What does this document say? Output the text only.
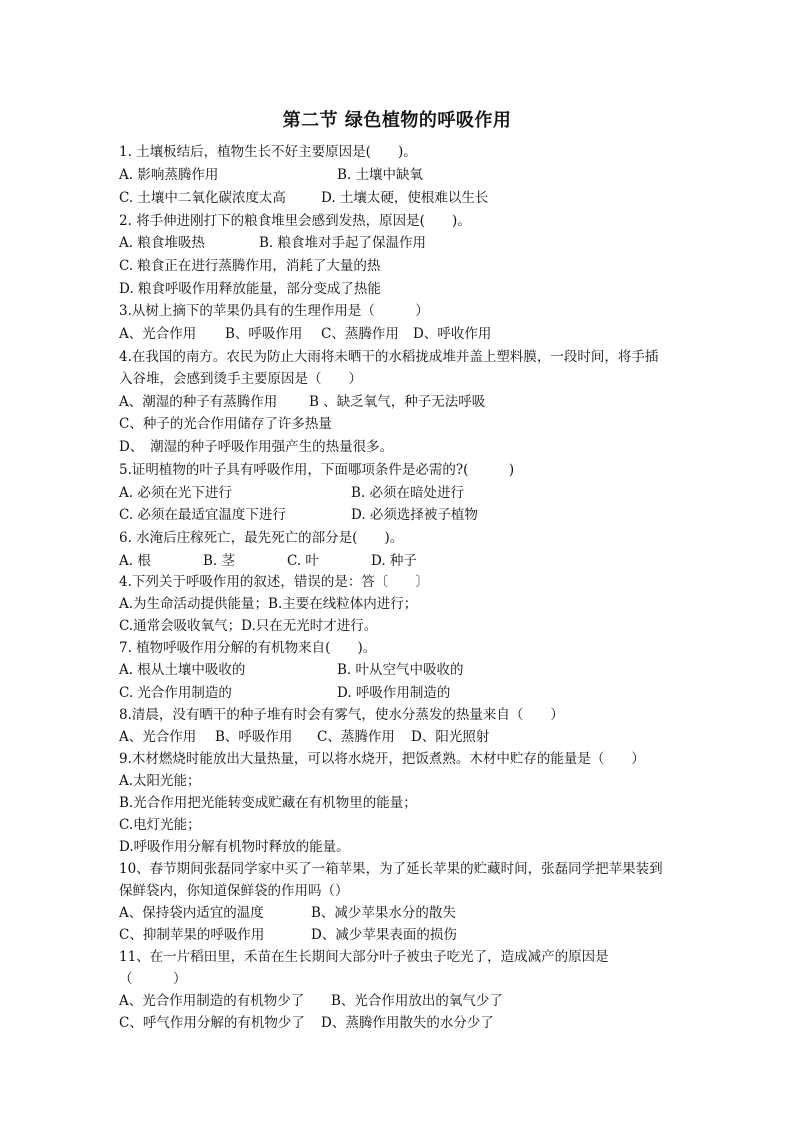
第二节 绿色植物的呼吸作用
1. 土壤板结后，植物生长不好主要原因是(　　)。
A. 影响蒸腾作用	B. 土壤中缺氧
C. 土壤中二氧化碳浓度太高	D. 土壤太硬，使根难以生长
2. 将手伸进刚打下的粮食堆里会感到发热，原因是(　　)。
A. 粮食堆吸热	B. 粮食堆对手起了保温作用
C. 粮食正在进行蒸腾作用，消耗了大量的热
D. 粮食呼吸作用释放能量，部分变成了热能
3.从树上摘下的苹果仍具有的生理作用是（　　　）
A、光合作用 B、呼吸作用 C、蒸腾作用 D、呼收作用
4.在我国的南方。农民为防止大雨将未晒干的水稻拢成堆并盖上塑料膜，一段时间，将手插
入谷堆，会感到烫手主要原因是（　　）
A、潮湿的种子有蒸腾作用 B 、缺乏氧气，种子无法呼吸
C、种子的光合作用储存了许多热量
D、　潮湿的种子呼吸作用强产生的热量很多。
5.证明植物的叶子具有呼吸作用，下面哪项条件是必需的?(　　　)
A. 必须在光下进行	B. 必须在暗处进行
C. 必须在最适宜温度下进行	D. 必须选择被子植物
6. 水淹后庄稼死亡，最先死亡的部分是(　　)。
A. 根	B. 茎	C. 叶	D. 种子
4.下列关于呼吸作用的叙述，错误的是：答〔　　〕
A.为生命活动提供能量；B.主要在线粒体内进行；
C.通常会吸收氧气；D.只在无光时才进行。
7. 植物呼吸作用分解的有机物来自(　　)。
A. 根从土壤中吸收的	B. 叶从空气中吸收的
C. 光合作用制造的	D. 呼吸作用制造的
8.清晨，没有晒干的种子堆有时会有雾气，使水分蒸发的热量来自（　　）
A、光合作用 B、呼吸作用 C、蒸腾作用 D、阳光照射
9.木材燃烧时能放出大量热量，可以将水烧开，把饭煮熟。木材中贮存的能量是（　　）
A.太阳光能；
B.光合作用把光能转变成贮藏在有机物里的能量；
C.电灯光能；
D.呼吸作用分解有机物时释放的能量。
10、春节期间张磊同学家中买了一箱苹果，为了延长苹果的贮藏时间，张磊同学把苹果装到
保鲜袋内，你知道保鲜袋的作用吗（）
A、保持袋内适宜的温度	B、减少苹果水分的散失
C、抑制苹果的呼吸作用	D、减少苹果表面的损伤
11、在一片稻田里，禾苗在生长期间大部分叶子被虫子吃光了，造成减产的原因是
（　　　）
A、光合作用制造的有机物少了 B、光合作用放出的氧气少了
C、呼气作用分解的有机物少了 D、蒸腾作用散失的水分少了
